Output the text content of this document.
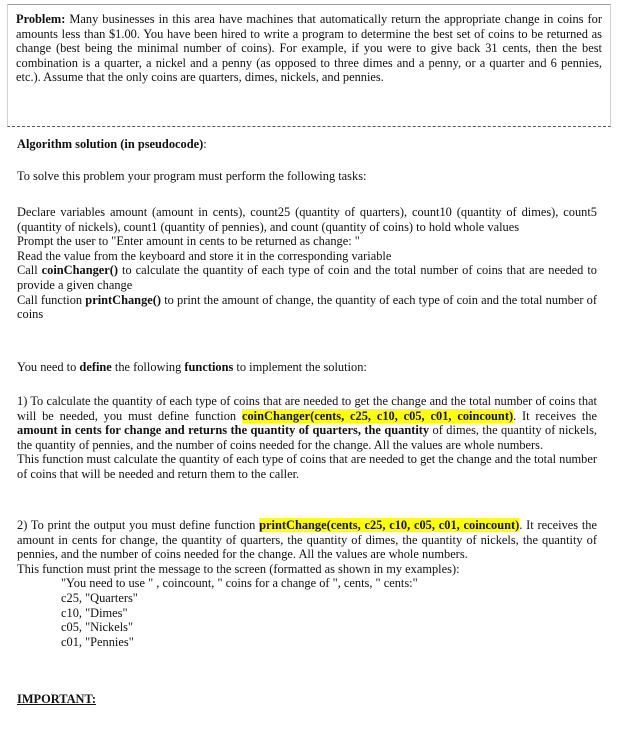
Problem: Many businesses in this area have machines that automatically return the appropriate change in coins for amounts less than $1.00. You have been hired to write a program to determine the best set of coins to be returned as change (best being the minimal number of coins). For example, if you were to give back 31 cents, then the best combination is a quarter, a nickel and a penny (as opposed to three dimes and a penny, or a quarter and 6 pennies, etc.). Assume that the only coins are quarters, dimes, nickels, and pennies.

Algorithm solution (in pseudocode):

To solve this problem your program must perform the following tasks:

Declare variables amount (amount in cents), count25 (quantity of quarters), count10 (quantity of dimes), count5 (quantity of nickels), count1 (quantity of pennies), and count (quantity of coins) to hold whole values

Prompt the user to "Enter amount in cents to be returned as change: "

Read the value from the keyboard and store it in the corresponding variable

Call coinChanger() to calculate the quantity of each type of coin and the total number of coins that are needed to provide a given change

Call function printChange() to print the amount of change, the quantity of each type of coin and the total number of coins

You need to define the following functions to implement the solution:

1) To calculate the quantity of each type of coins that are needed to get the change and the total number of coins that will be needed, you must define function coinChanger(cents, c25, c10, c05, c01, coincount). It receives the amount in cents for change and returns the quantity of quarters, the quantity of dimes, the quantity of nickels, the quantity of pennies, and the number of coins needed for the change. All the values are whole numbers.

This function must calculate the quantity of each type of coins that are needed to get the change and the total number of coins that will be needed and return them to the caller.

2) To print the output you must define function printChange(cents, c25, c10, c05, c01, coincount). It receives the amount in cents for change, the quantity of quarters, the quantity of dimes, the quantity of nickels, the quantity of pennies, and the number of coins needed for the change. All the values are whole numbers.

This function must print the message to the screen (formatted as shown in my examples):

"You need to use " , coincount, " coins for a change of ", cents, " cents:"

c25, "Quarters"

c10, "Dimes"

c05, "Nickels"

c01, "Pennies"

IMPORTANT:
